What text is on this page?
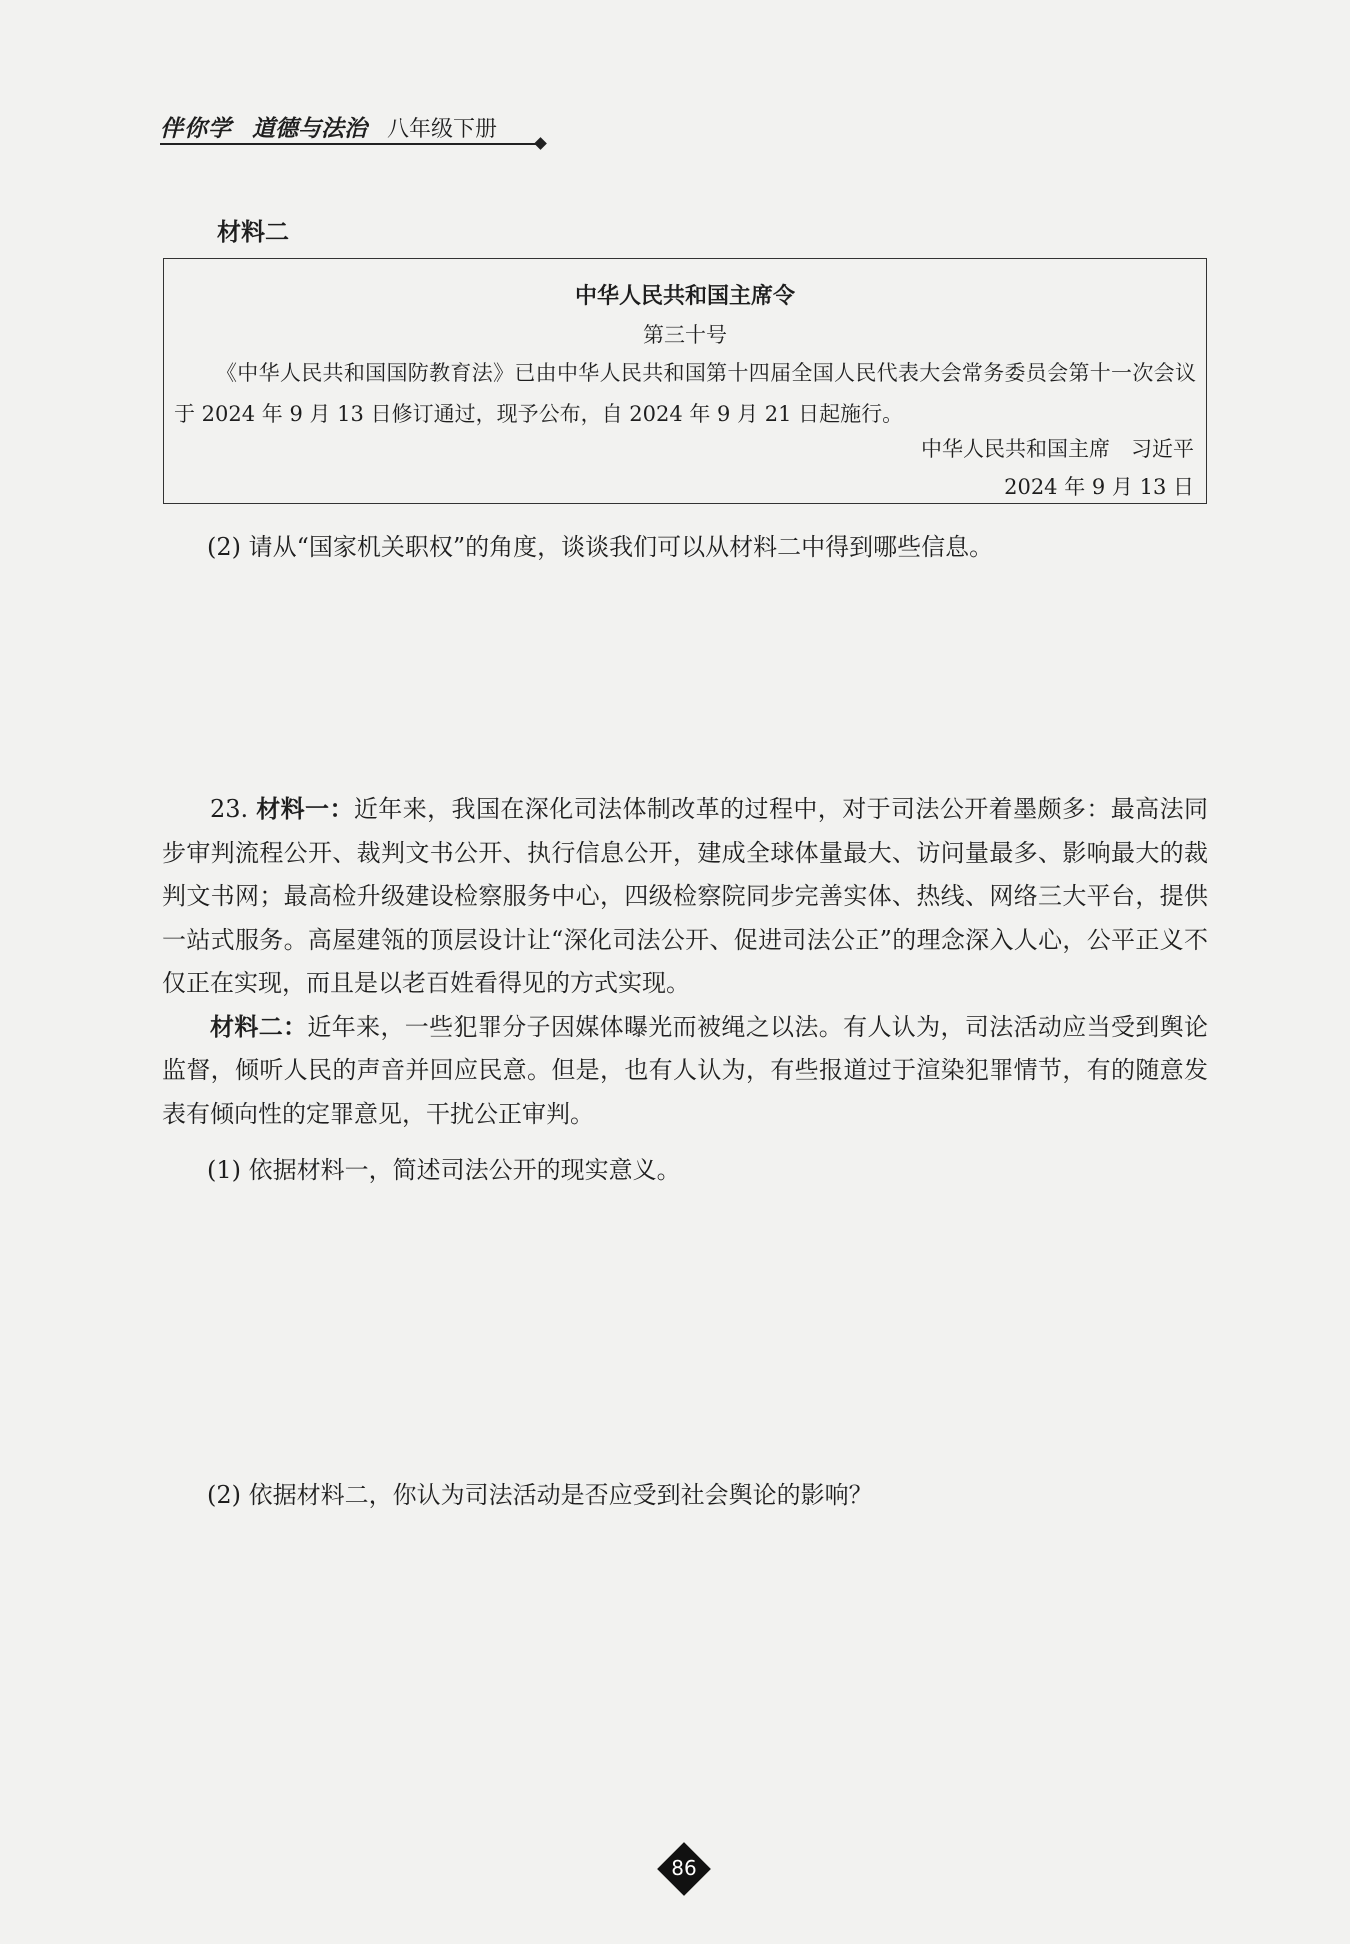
伴你学 道德与法治 八年级下册
材料二
中华人民共和国主席令
第三十号
《中华人民共和国国防教育法》已由中华人民共和国第十四届全国人民代表大会常务委员会第十一次会议于 2024 年 9 月 13 日修订通过，现予公布，自 2024 年 9 月 21 日起施行。
中华人民共和国主席　习近平
2024 年 9 月 13 日
(2) 请从“国家机关职权”的角度，谈谈我们可以从材料二中得到哪些信息。

23. 材料一：近年来，我国在深化司法体制改革的过程中，对于司法公开着墨颇多：最高法同步审判流程公开、裁判文书公开、执行信息公开，建成全球体量最大、访问量最多、影响最大的裁判文书网；最高检升级建设检察服务中心，四级检察院同步完善实体、热线、网络三大平台，提供一站式服务。高屋建瓴的顶层设计让“深化司法公开、促进司法公正”的理念深入人心，公平正义不仅正在实现，而且是以老百姓看得见的方式实现。

材料二：近年来，一些犯罪分子因媒体曝光而被绳之以法。有人认为，司法活动应当受到舆论监督，倾听人民的声音并回应民意。但是，也有人认为，有些报道过于渲染犯罪情节，有的随意发表有倾向性的定罪意见，干扰公正审判。

(1) 依据材料一，简述司法公开的现实意义。
(2) 依据材料二，你认为司法活动是否应受到社会舆论的影响？
86
